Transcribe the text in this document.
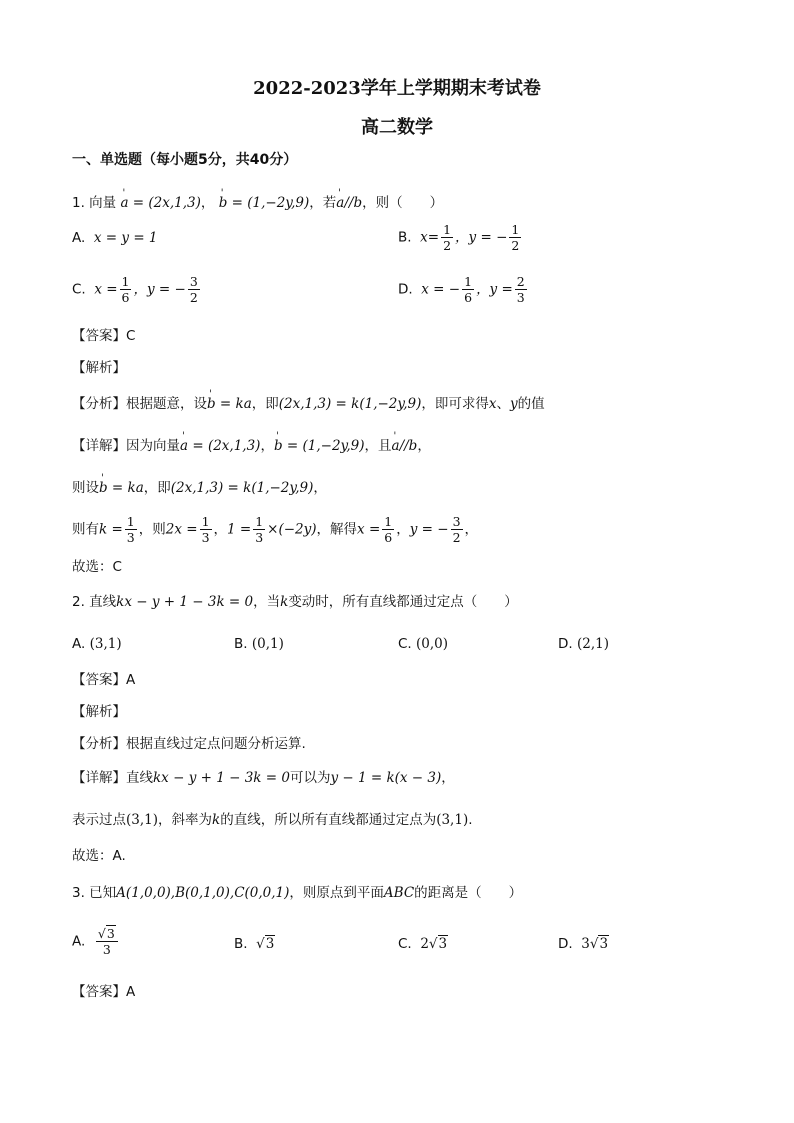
2022-2023学年上学期期末考试卷
高二数学
一、单选题（每小题5分，共40分）
1. 向量 ' a = (2x,1,3)， ' b = (1,−2y,9)，若' a//b，则（　　）
A. x = y = 1	B. $x= \frac{1}{2}$ ，y = − $\frac{1}{2}$
C. $x = \frac{1}{6}$ ，y = − $\frac{3}{2}$	D. x = − $\frac{1}{6}$ ，$y = \frac{2}{3}$
【答案】C
【解析】
【分析】根据题意，设' b = ka，即(2x,1,3) = k(1,−2y,9)，即可求得x、y的值
【详解】因为向量' a = (2x,1,3)，' b = (1,−2y,9)，且' a//b，
则设' b = ka，即(2x,1,3) = k(1,−2y,9)，
则有$k = \frac{1}{3}$ ，则$2x = \frac{1}{3}$ ，$1 = \frac{1}{3} \times(-2y)$，解得$x = \frac{1}{6}$ ，y = − $\frac{3}{2}$ ，
故选：C
2. 直线kx − y + 1 − 3k = 0，当k变动时，所有直线都通过定点（　　）
A. (3,1)	B. (0,1)	C. (0,0)	D. (2,1)
【答案】A
【解析】
【分析】根据直线过定点问题分析运算.
【详解】直线kx − y + 1 − 3k = 0可以为y − 1 = k(x − 3)，
表示过点(3,1)，斜率为k的直线，所以所有直线都通过定点为(3,1).
故选：A.
3. 已知A(1,0,0),B(0,1,0),C(0,0,1)，则原点到平面ABC的距离是（　　）
A. $\frac{√3}{3}$	B. √3	C. 2√3	D. 3√3
【答案】A
